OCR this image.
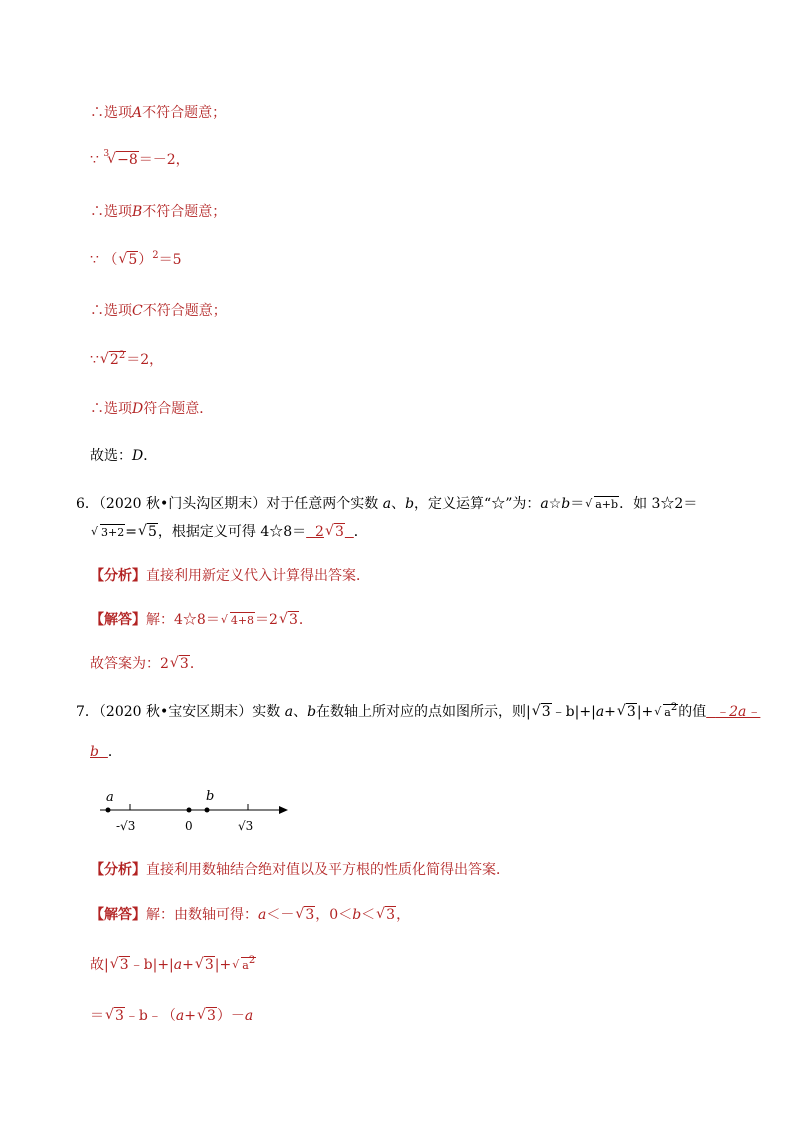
∴选项A不符合题意；
∵ $^3$ √ −8＝－2，
∴选项B不符合题意；
∵ （ √ 5）$^2$＝5
∴选项C不符合题意；
∵ √ $2^2=2$，
∴选项D符合题意．
故选：D．
6．（2020 秋•门头沟区期末）对于任意两个实数 a、b，定义运算“☆”为：a☆b＝ √ a+b．如 3☆2＝
√ 3+2= √ 5，根据定义可得 4☆8＝ 2 √ 3 ．
【分析】直接利用新定义代入计算得出答案．
【解答】解：4☆8＝ √ 4+8＝2 √ 3．
故答案为：2 √ 3．
7．（2020 秋•宝安区期末）实数 a、b在数轴上所对应的点如图所示，则| √ 3﹣b|+|a+ √ 3|+ √ a2的值 ﹣2a﹣
b ．
a	b
-√3	0	√3
【分析】直接利用数轴结合绝对值以及平方根的性质化简得出答案．
【解答】解：由数轴可得：a＜－ √ 3，0＜b＜ √ 3，
故| √ 3﹣b|+|a+ √ 3|+ √ a2
＝ √ 3﹣b﹣（a+ √ 3）－a
